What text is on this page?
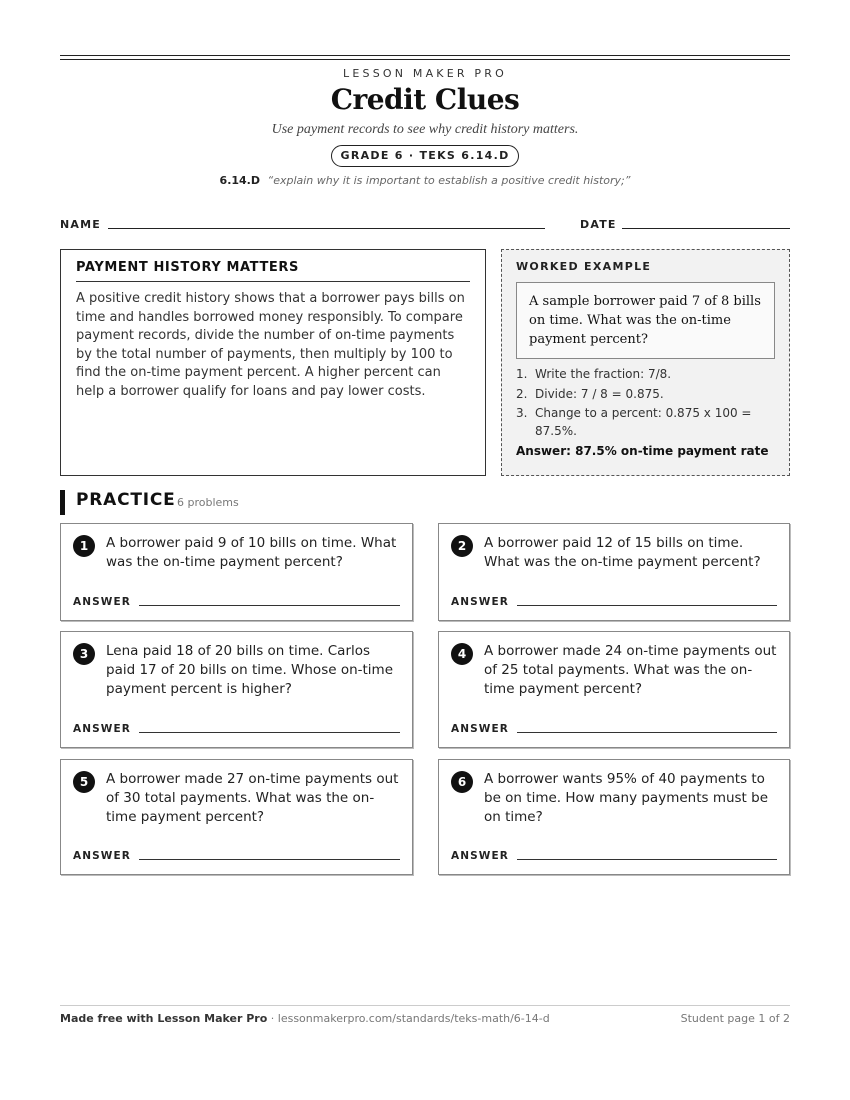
LESSON MAKER PRO
Credit Clues
Use payment records to see why credit history matters.
GRADE 6 · TEKS 6.14.D
6.14.D “explain why it is important to establish a positive credit history;”
NAME	DATE
PAYMENT HISTORY MATTERS
A positive credit history shows that a borrower pays bills on time and handles borrowed money responsibly. To compare payment records, divide the number of on-time payments by the total number of payments, then multiply by 100 to find the on-time payment percent. A higher percent can help a borrower qualify for loans and pay lower costs.
WORKED EXAMPLE
A sample borrower paid 7 of 8 bills on time. What was the on-time payment percent?
1. Write the fraction: 7/8.
2. Divide: 7 / 8 = 0.875.
3. Change to a percent: 0.875 x 100 = 87.5%.
Answer: 87.5% on-time payment rate
PRACTICE 6 problems
1	A borrower paid 9 of 10 bills on time. What was the on-time payment percent?
ANSWER
2	A borrower paid 12 of 15 bills on time. What was the on-time payment percent?
ANSWER
3	Lena paid 18 of 20 bills on time. Carlos paid 17 of 20 bills on time. Whose on-time payment percent is higher?
ANSWER
4	A borrower made 24 on-time payments out of 25 total payments. What was the on-time payment percent?
ANSWER
5	A borrower made 27 on-time payments out of 30 total payments. What was the on-time payment percent?
ANSWER
6	A borrower wants 95% of 40 payments to be on time. How many payments must be on time?
ANSWER
Made free with Lesson Maker Pro · lessonmakerpro.com/standards/teks-math/6-14-d	Student page 1 of 2
